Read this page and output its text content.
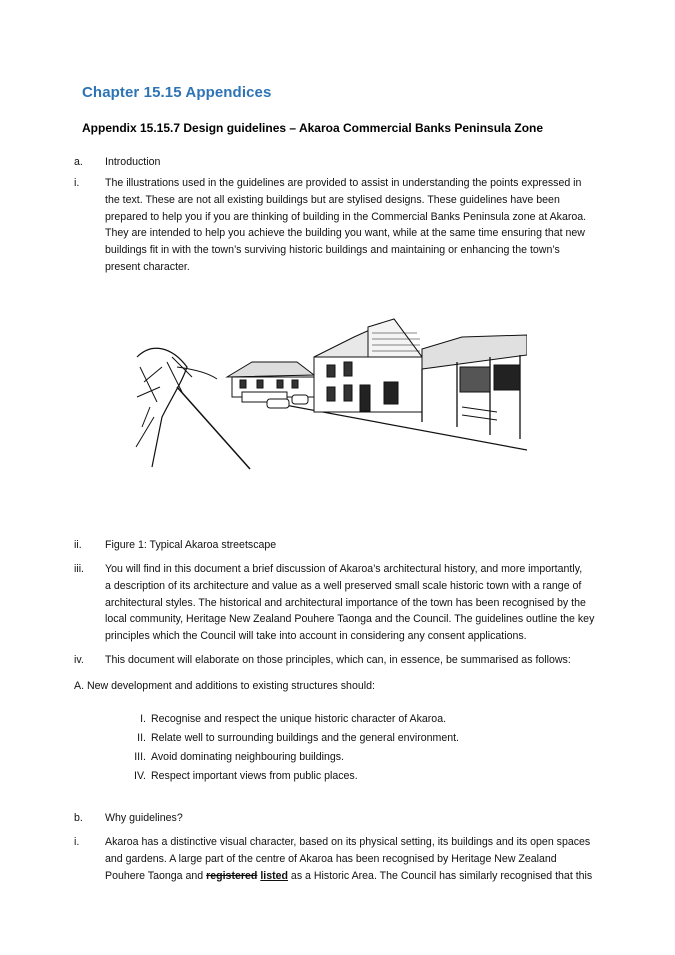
Chapter 15.15 Appendices
Appendix 15.15.7 Design guidelines – Akaroa Commercial Banks Peninsula Zone
a.	Introduction
i.	The illustrations used in the guidelines are provided to assist in understanding the points expressed in
the text. These are not all existing buildings but are stylised designs. These guidelines have been
prepared to help you if you are thinking of building in the Commercial Banks Peninsula zone at Akaroa.
They are intended to help you achieve the building you want, while at the same time ensuring that new
buildings fit in with the town’s surviving historic buildings and maintaining or enhancing the town’s
present character.
ii.	Figure 1: Typical Akaroa streetscape
iii.	You will find in this document a brief discussion of Akaroa’s architectural history, and more importantly,
a description of its architecture and value as a well preserved small scale historic town with a range of
architectural styles. The historical and architectural importance of the town has been recognised by the
local community, Heritage New Zealand Pouhere Taonga and the Council. The guidelines outline the key
principles which the Council will take into account in considering any consent applications.
iv.	This document will elaborate on those principles, which can, in essence, be summarised as follows:
A. New development and additions to existing structures should:
I. Recognise and respect the unique historic character of Akaroa.
II. Relate well to surrounding buildings and the general environment.
III. Avoid dominating neighbouring buildings.
IV. Respect important views from public places.
b.	Why guidelines?
i.	Akaroa has a distinctive visual character, based on its physical setting, its buildings and its open spaces
and gardens. A large part of the centre of Akaroa has been recognised by Heritage New Zealand
Pouhere Taonga and registered listed as a Historic Area. The Council has similarly recognised that this
